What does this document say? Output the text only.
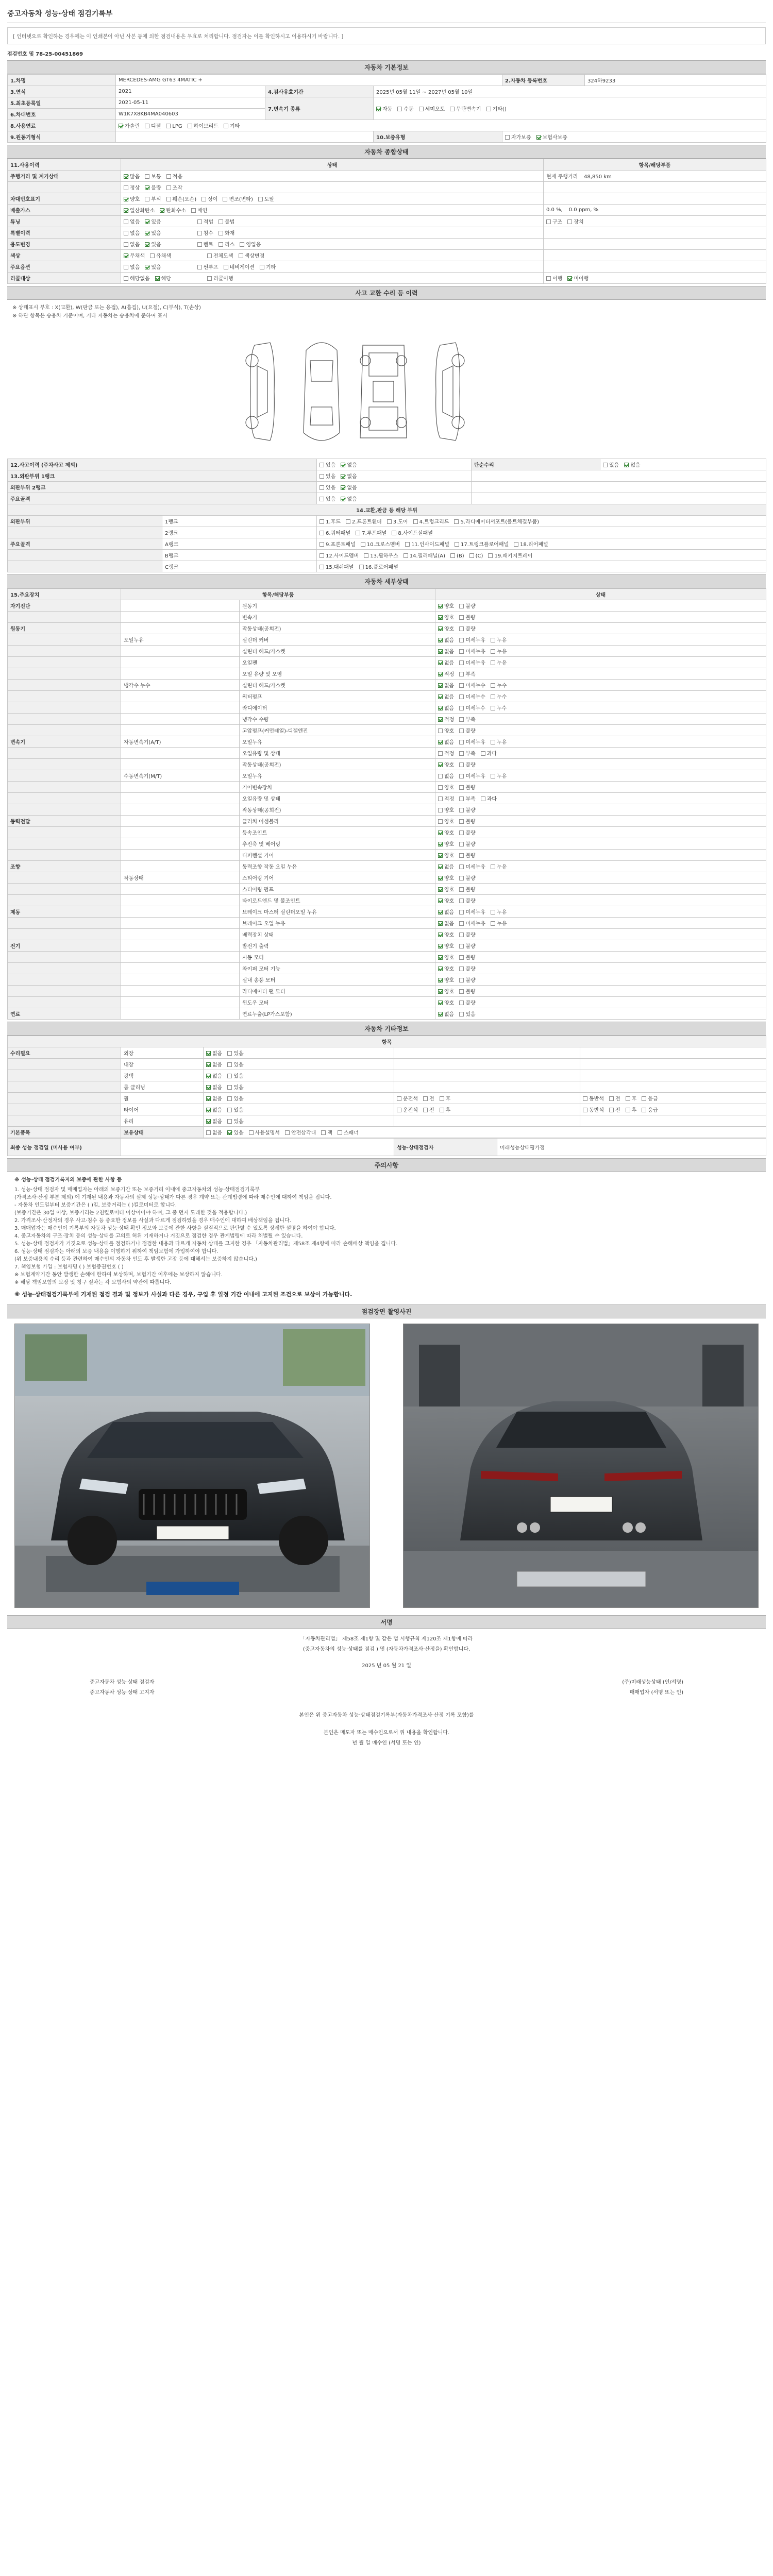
중고자동차 성능·상태 점검기록부
[ 인터넷으로 확인하는 경우에는 이 인쇄본이 아닌 사본 등에 의한 점검내용은 무효로 처리합니다. 점검자는 이를 확인하시고 이용하시기 바랍니다. ]
점검번호 및 78-25-00451869
자동차 기본정보
1.차명	MERCEDES-AMG GT63 4MATIC +			2.자동차 등록번호	324하9233
3.연식	2021	4.검사유효기간	2025년 05월 11일 ~ 2027년 05월 10일		
5.최초등록일	2021-05-11	7.변속기 종류	자동 수동 세미오토 무단변속기 기타()		
6.차대번호	W1K7X8KB4MA040603				
8.사용연료	가솔린 디젤 LPG 하이브리드 기타				
9.원동기형식			10.보증유형	자가보증 보험사보증	
자동차 종합상태
11.사용이력	상태	항목/해당부품
주행거리 및 계기상태	많음 보통 적음	현재 주행거리 48,850 km
	정상 불량 조작	
차대번호표기	양호 부식 훼손(오손) 상이 변조(변타) 도말	
배출가스	일산화탄소 탄화수소 매연	0.0 %, 0.0 ppm, %
튜닝	없음 있음 적법 불법	구조 장치
특별이력	없음 있음 침수 화재	
용도변경	없음 있음 렌트 리스 영업용	
색상	무채색 유채색 전체도색 색상변경	
주요옵션	없음 있음 썬루프 네비게이션 기타	
리콜대상	해당없음 해당 리콜이행	이행 미이행
사고 교환 수리 등 이력
※ 상태표시 부호 : X(교환), W(판금 또는 용접), A(흠집), U(요철), C(부식), T(손상)
※ 하단 항목은 승용차 기준이며, 기타 자동차는 승용차에 준하여 표시
12.사고이력 (주차사고 제외)		있음 없음	단순수리	있음 없음
13.외판부위 1랭크		있음 없음		
외판부위 2랭크		있음 없음		
주요골격		있음 없음		
14.교환,판금 등 해당 부위				
외판부위	1랭크	1.후드 2.프론트휀더 3.도어 4.트렁크리드 5.라디에이터서포트(볼트체결부품)		
	2랭크	6.쿼터패널 7.루프패널 8.사이드실패널		
주요골격	A랭크	9.프론트패널 10.크로스멤버 11.인사이드패널 17.트렁크플로어패널 18.리어패널		
	B랭크	12.사이드멤버 13.휠하우스 14.필러패널(A) (B) (C) 19.패키지트레이		
	C랭크	15.대쉬패널 16.플로어패널		
자동차 세부상태
15.주요장치	항목/해당부품		상태
자기진단		원동기	양호 불량
		변속기	양호 불량
원동기		작동상태(공회전)	양호 불량
	오일누유	실린더 커버	없음 미세누유 누유
		실린더 헤드/가스켓	없음 미세누유 누유
		오일팬	없음 미세누유 누유
		오일 유량 및 오염	적정 부족
	냉각수 누수	실린더 헤드/가스켓	없음 미세누수 누수
		워터펌프	없음 미세누수 누수
		라디에이터	없음 미세누수 누수
		냉각수 수량	적정 부족
		고압펌프(커먼레일)-디젤엔진	양호 불량
변속기	자동변속기(A/T)	오일누유	없음 미세누유 누유
		오일유량 및 상태	적정 부족 과다
		작동상태(공회전)	양호 불량
	수동변속기(M/T)	오일누유	없음 미세누유 누유
		기어변속장치	양호 불량
		오일유량 및 상태	적정 부족 과다
		작동상태(공회전)	양호 불량
동력전달		클러치 어셈블리	양호 불량
		등속조인트	양호 불량
		추진축 및 베어링	양호 불량
		디퍼렌셜 기어	양호 불량
조향		동력조향 작동 오일 누유	없음 미세누유 누유
	작동상태	스티어링 기어	양호 불량
		스티어링 펌프	양호 불량
		타이로드엔드 및 볼조인트	양호 불량
제동		브레이크 마스터 실린더오일 누유	없음 미세누유 누유
		브레이크 오일 누유	없음 미세누유 누유
		배력장치 상태	양호 불량
전기		발전기 출력	양호 불량
		시동 모터	양호 불량
		와이퍼 모터 기능	양호 불량
		실내 송풍 모터	양호 불량
		라디에이터 팬 모터	양호 불량
		윈도우 모터	양호 불량
연료		연료누출(LP가스포함)	없음 있음
자동차 기타정보
항목				
수리필요	외장	없음 있음		
	내장	없음 있음		
	광택	없음 있음		
	룸 클리닝	없음 있음		
	휠	없음 있음	운전석 전 후	동반석 전 후 응급
	타이어	없음 있음	운전석 전 후	동반석 전 후 응급
	유리	없음 있음		
기본품목	보유상태	없음 있음 사용설명서 안전삼각대 잭 스패너		
최종 성능 점검일 (미사용 여부)		성능·상태점검자	미래성능상태평가점
주의사항
※ 성능·상태 점검기록지의 보증에 관한 사항 등
1. 성능·상태 점검자 및 매매업자는 아래의 보증기간 또는 보증거리 이내에 중고자동차의 성능·상태점검기록부
(가격조사·산정 부분 제외) 에 기재된 내용과 자동차의 실제 성능·상태가 다른 경우 계약 또는 관계법령에 따라 매수인에 대하여 책임을 집니다.
- 자동차 인도일부터 보증기간은 ( )일, 보증거리는 ( )킬로미터로 합니다.
(보증기간은 30일 이상, 보증거리는 2천킬로미터 이상이어야 하며, 그 중 먼저 도래한 것을 적용합니다.)
2. 가격조사·산정자의 경우 사고·침수 등 중요한 정보를 사실과 다르게 점검하였을 경우 매수인에 대하여 배상책임을 집니다.
3. 매매업자는 매수인이 기록부의 자동차 성능·상태 확인 정보와 보증에 관한 사항을 실질적으로 판단할 수 있도록 상세한 설명을 하여야 합니다.
4. 중고자동차의 구조·장치 등의 성능·상태를 고의로 허위 기재하거나 거짓으로 점검한 경우 관계법령에 따라 처벌될 수 있습니다.
5. 성능·상태 점검자가 거짓으로 성능·상태를 점검하거나 점검한 내용과 다르게 자동차 상태를 고지한 경우 「자동차관리법」제58조 제4항에 따라 손해배상 책임을 집니다.
6. 성능·상태 점검자는 아래의 보증 내용을 이행하기 위하여 책임보험에 가입하여야 합니다.
(위 보증내용의 수리 등과 관련하여 매수인의 자동차 인도 후 발생한 고장 등에 대해서는 보증하지 않습니다.)
7. 책임보험 가입 : 보험사명 ( ) 보험증권번호 ( )
※ 보험계약기간 동안 발생한 손해에 한하여 보상하며, 보험기간 이후에는 보상하지 않습니다.
※ 해당 책임보험의 보장 및 청구 절차는 각 보험사의 약관에 따릅니다.
※ 성능·상태점검기록부에 기재된 점검 결과 및 정보가 사실과 다른 경우, 구입 후 일정 기간 이내에 고지된 조건으로 보상이 가능합니다.
점검장면 촬영사진
서명
「자동차관리법」 제58조 제1항 및 같은 법 시행규칙 제120조 제1항에 따라
(중고자동차의 성능·상태를 점검 ) 및 (자동차가격조사·산정을) 확인합니다.
2025 년 05 월 21 일
중고자동차 성능·상태 점검자	(주)미래성능상태 (인/서명)
중고자동차 성능·상태 고지자	매매업자 (서명 또는 인)
본인은 위 중고자동차 성능·상태점검기록부(자동차가격조사·산정 기록 포함)를
본인은 매도자 또는 매수인으로서 위 내용을 확인합니다.
년 월 일 매수인 (서명 또는 인)
